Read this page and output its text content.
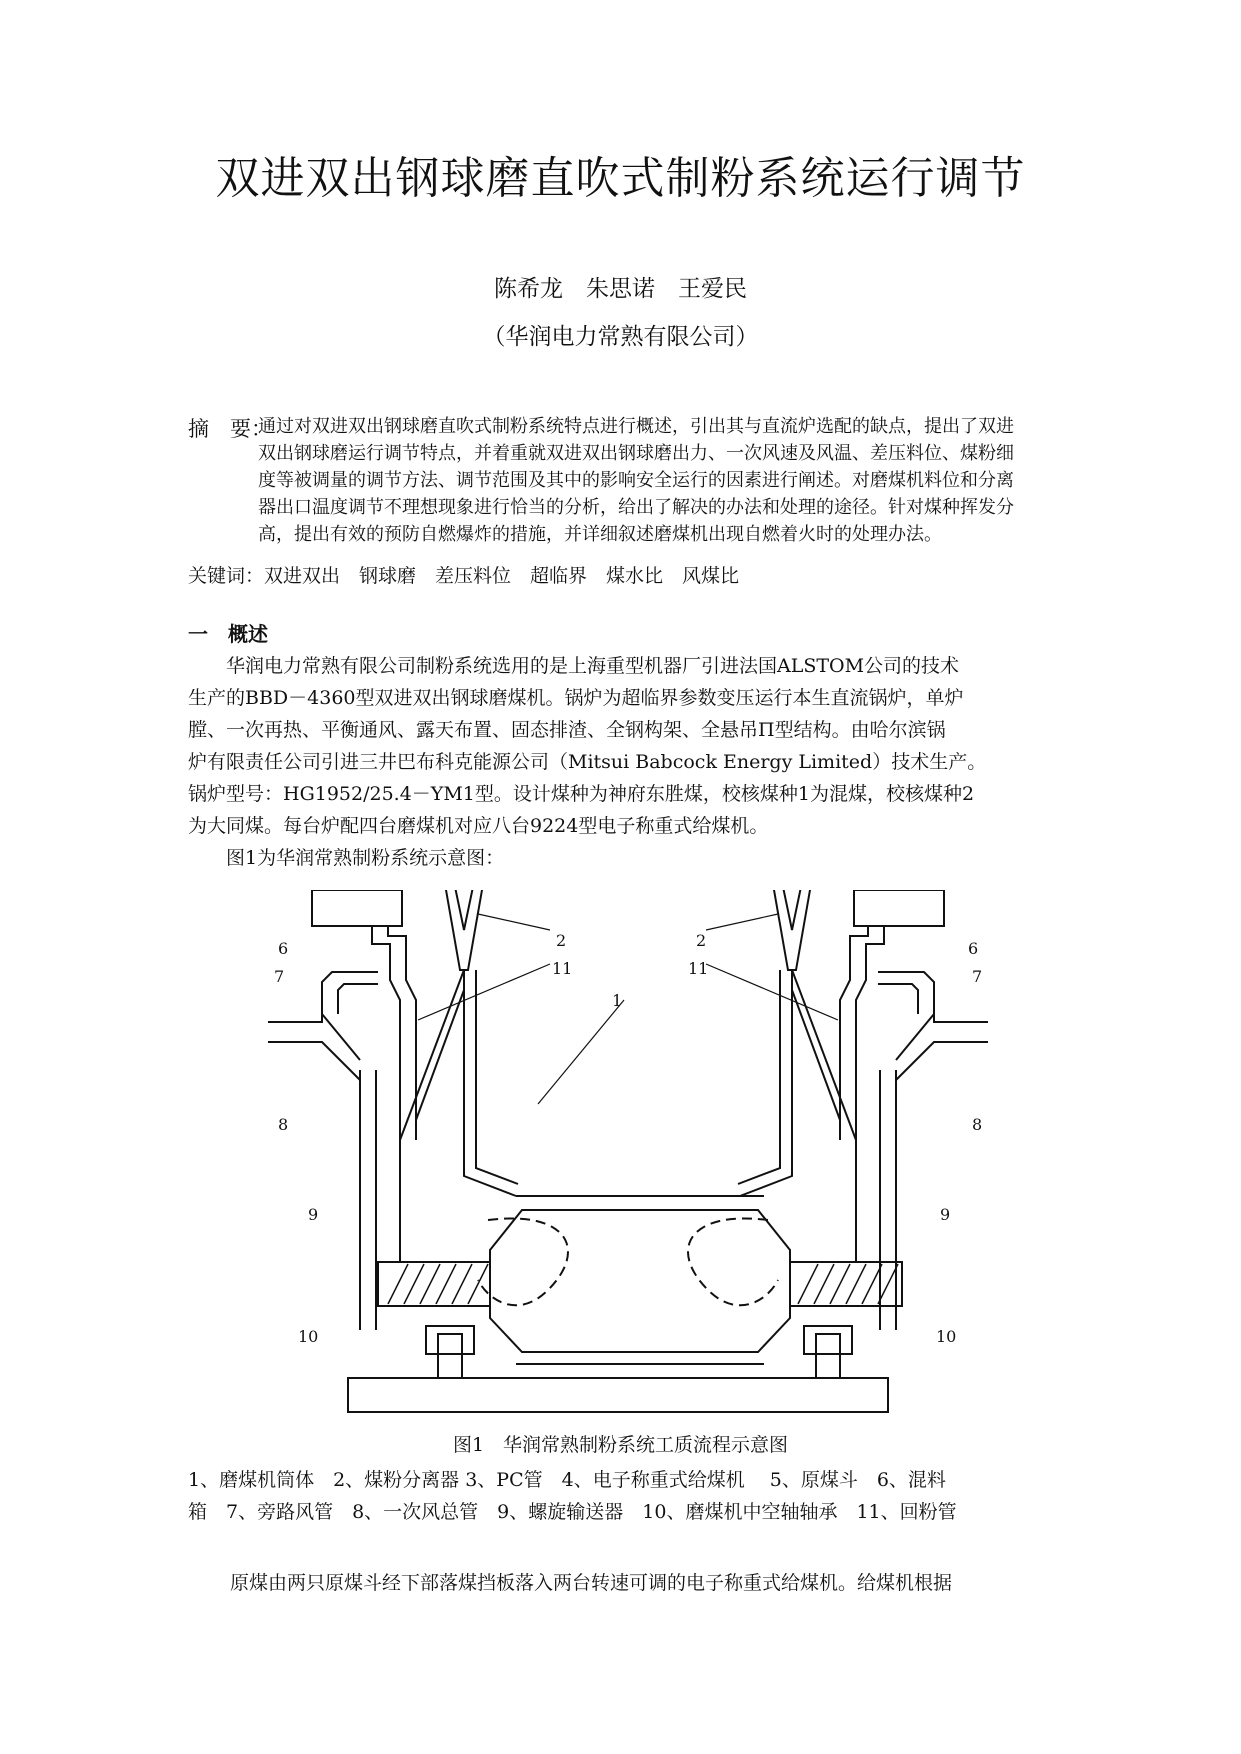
双进双出钢球磨直吹式制粉系统运行调节
陈希龙　朱思诺　王爱民
（华润电力常熟有限公司）
摘　要：
通过对双进双出钢球磨直吹式制粉系统特点进行概述，引出其与直流炉选配的缺点，提出了双进
双出钢球磨运行调节特点，并着重就双进双出钢球磨出力、一次风速及风温、差压料位、煤粉细
度等被调量的调节方法、调节范围及其中的影响安全运行的因素进行阐述。对磨煤机料位和分离
器出口温度调节不理想现象进行恰当的分析，给出了解决的办法和处理的途径。针对煤种挥发分
高，提出有效的预防自燃爆炸的措施，并详细叙述磨煤机出现自燃着火时的处理办法。
关键词：双进双出　钢球磨　差压料位　超临界　煤水比　风煤比
一　概述
　　华润电力常熟有限公司制粉系统选用的是上海重型机器厂引进法国ALSTOM公司的技术
生产的BBD－4360型双进双出钢球磨煤机。锅炉为超临界参数变压运行本生直流锅炉，单炉
膛、一次再热、平衡通风、露天布置、固态排渣、全钢构架、全悬吊Π型结构。由哈尔滨锅
炉有限责任公司引进三井巴布科克能源公司（Mitsui Babcock Energy Limited）技术生产。
锅炉型号：HG1952/25.4－YM1型。设计煤种为神府东胜煤，校核煤种1为混煤，校核煤种2
为大同煤。每台炉配四台磨煤机对应八台9224型电子称重式给煤机。
　　图1为华润常熟制粉系统示意图：
1
2	2
6	6
7	7
8	8
9	9
10	10
11	11
图1　华润常熟制粉系统工质流程示意图
1、磨煤机筒体　2、煤粉分离器 3、PC管　4、电子称重式给煤机　 5、原煤斗　6、混料
箱　7、旁路风管　8、一次风总管　9、螺旋输送器　10、磨煤机中空轴轴承　11、回粉管
原煤由两只原煤斗经下部落煤挡板落入两台转速可调的电子称重式给煤机。给煤机根据
